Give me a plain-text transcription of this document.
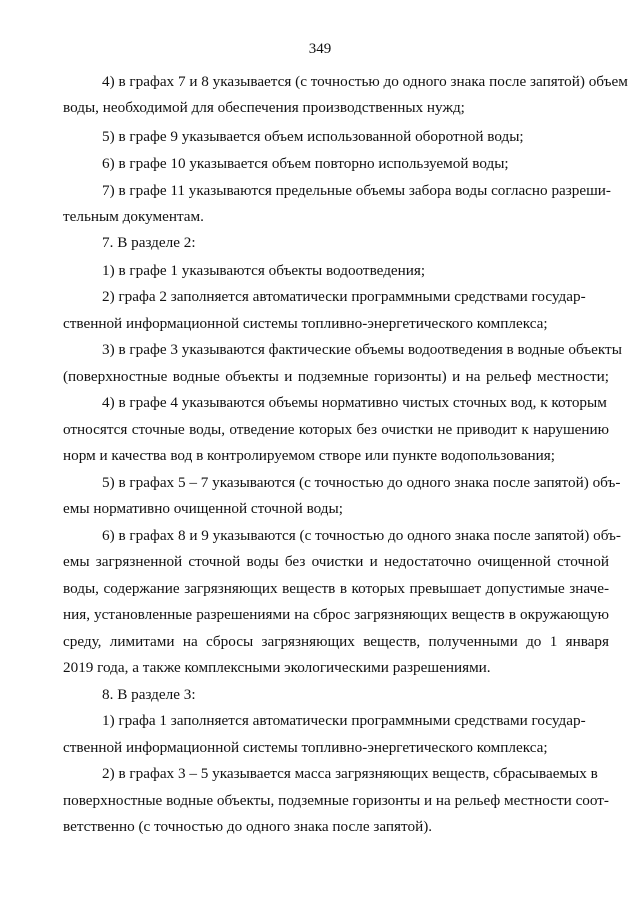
349
4) в графах 7 и 8 указывается (с точностью до одного знака после запятой) объем
воды, необходимой для обеспечения производственных нужд;
5) в графе 9 указывается объем использованной оборотной воды;
6) в графе 10 указывается объем повторно используемой воды;
7) в графе 11 указываются предельные объемы забора воды согласно разреши-
тельным документам.
7. В разделе 2:
1) в графе 1 указываются объекты водоотведения;
2) графа 2 заполняется автоматически программными средствами государ-
ственной информационной системы топливно-энергетического комплекса;
3) в графе 3 указываются фактические объемы водоотведения в водные объекты
(поверхностные водные объекты и подземные горизонты) и на рельеф местности;
4) в графе 4 указываются объемы нормативно чистых сточных вод, к которым
относятся сточные воды, отведение которых без очистки не приводит к нарушению
норм и качества вод в контролируемом створе или пункте водопользования;
5) в графах 5 – 7 указываются (с точностью до одного знака после запятой) объ-
емы нормативно очищенной сточной воды;
6) в графах 8 и 9 указываются (с точностью до одного знака после запятой) объ-
емы загрязненной сточной воды без очистки и недостаточно очищенной сточной
воды, содержание загрязняющих веществ в которых превышает допустимые значе-
ния, установленные разрешениями на сброс загрязняющих веществ в окружающую
среду, лимитами на сбросы загрязняющих веществ, полученными до 1 января
2019 года, а также комплексными экологическими разрешениями.
8. В разделе 3:
1) графа 1 заполняется автоматически программными средствами государ-
ственной информационной системы топливно-энергетического комплекса;
2) в графах 3 – 5 указывается масса загрязняющих веществ, сбрасываемых в
поверхностные водные объекты, подземные горизонты и на рельеф местности соот-
ветственно (с точностью до одного знака после запятой).
